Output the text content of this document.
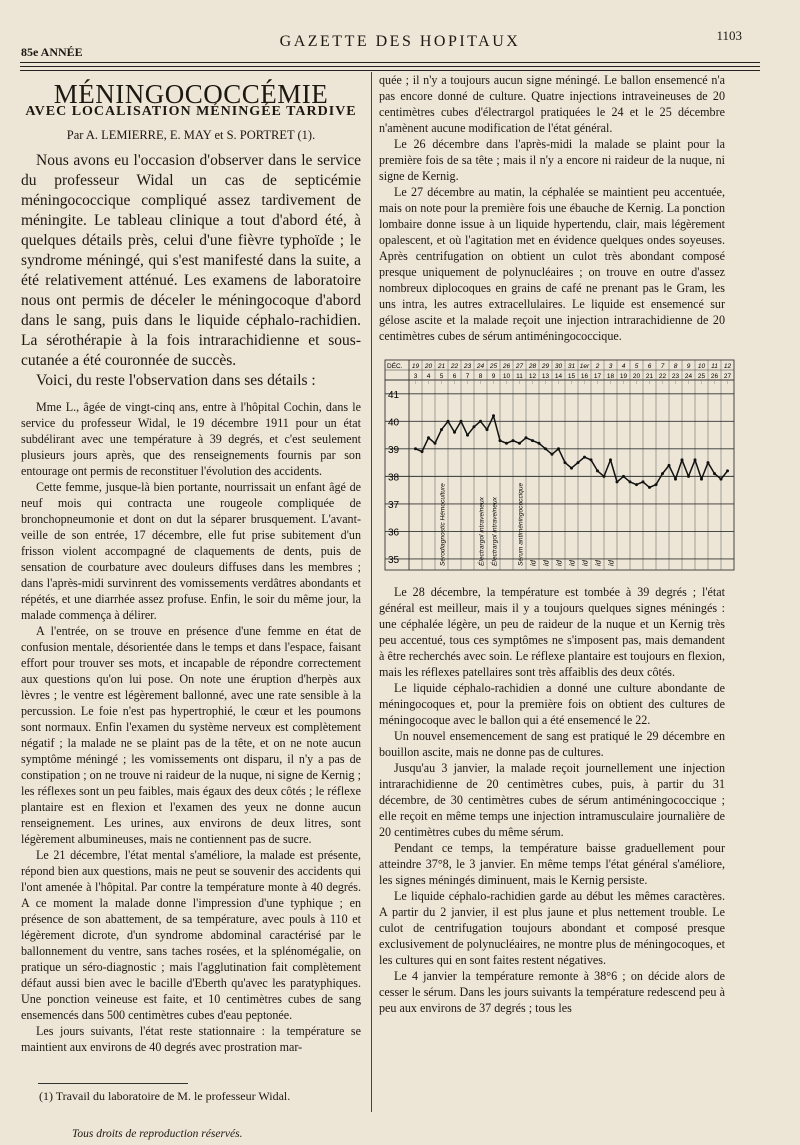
85e ANNÉE
GAZETTE DES HOPITAUX	1103
MÉNINGOCOCCÉMIE
AVEC LOCALISATION MÉNINGÉE TARDIVE
Par A. LEMIERRE, E. MAY et S. PORTRET (1).

Nous avons eu l'occasion d'observer dans le service du professeur Widal un cas de septicémie méningococcique compliqué assez tardivement de méningite. Le tableau clinique a tout d'abord été, à quelques détails près, celui d'une fièvre typhoïde ; le syndrome méningé, qui s'est manifesté dans la suite, a été relativement atténué. Les examens de laboratoire nous ont permis de déceler le méningocoque d'abord dans le sang, puis dans le liquide céphalo-rachidien. La sérothérapie à la fois intrarachidienne et sous-cutanée a été couronnée de succès.

Voici, du reste l'observation dans ses détails :

Mme L., âgée de vingt-cinq ans, entre à l'hôpital Cochin, dans le service du professeur Widal, le 19 décembre 1911 pour un état subdélirant avec une température à 39 degrés, et c'est seulement plusieurs jours après, que des renseignements fournis par son entourage ont permis de reconstituer l'évolution des accidents.

Cette femme, jusque-là bien portante, nourrissait un enfant âgé de neuf mois qui contracta une rougeole compliquée de bronchopneumonie et dont on dut la séparer brusquement. L'avant-veille de son entrée, 17 décembre, elle fut prise subitement d'un frisson violent accompagné de claquements de dents, puis de sensation de courbature avec douleurs diffuses dans les membres ; dans l'après-midi survinrent des vomissements verdâtres abondants et répétés, et une diarrhée assez profuse. Enfin, le soir du même jour, la malade commença à délirer.

A l'entrée, on se trouve en présence d'une femme en état de confusion mentale, désorientée dans le temps et dans l'espace, faisant effort pour trouver ses mots, et incapable de répondre correctement aux questions qu'on lui pose. On note une éruption d'herpès aux lèvres ; le ventre est légèrement ballonné, avec une rate sensible à la percussion. Le foie n'est pas hypertrophié, le cœur et les poumons sont normaux. Enfin l'examen du système nerveux est complètement négatif ; la malade ne se plaint pas de la tête, et on ne note aucun symptôme méningé ; les vomissements ont disparu, il n'y a pas de constipation ; on ne trouve ni raideur de la nuque, ni signe de Kernig ; les réflexes sont un peu faibles, mais égaux des deux côtés ; le réflexe plantaire est en flexion et l'examen des yeux ne donne aucun renseignement. Les urines, aux environs de deux litres, sont légèrement albumineuses, mais ne contiennent pas de sucre.

Le 21 décembre, l'état mental s'améliore, la malade est présente, répond bien aux questions, mais ne peut se souvenir des accidents qui l'ont amenée à l'hôpital. Par contre la température monte à 40 degrés. A ce moment la malade donne l'impression d'une typhique ; en présence de son abattement, de sa température, avec pouls à 110 et légèrement dicrote, d'un syndrome abdominal caractérisé par le ballonnement du ventre, sans taches rosées, et la splénomégalie, on pratique un séro-diagnostic ; mais l'agglutination fait complètement défaut aussi bien avec le bacille d'Eberth qu'avec les paratyphiques. Une ponction veineuse est faite, et 10 centimètres cubes de sang ensemencés dans 500 centimètres cubes d'eau peptonée.

Les jours suivants, l'état reste stationnaire : la température se maintient aux environs de 40 degrés avec prostration mar-

quée ; il n'y a toujours aucun signe méningé. Le ballon ensemencé n'a pas encore donné de culture. Quatre injections intraveineuses de 20 centimètres cubes d'électrargol pratiquées le 24 et le 25 décembre n'amènent aucune modification de l'état général.

Le 26 décembre dans l'après-midi la malade se plaint pour la première fois de sa tête ; mais il n'y a encore ni raideur de la nuque, ni signe de Kernig.

Le 27 décembre au matin, la céphalée se maintient peu accentuée, mais on note pour la première fois une ébauche de Kernig. La ponction lombaire donne issue à un liquide hypertendu, clair, mais légèrement opalescent, et où l'agitation met en évidence quelques ondes soyeuses. Après centrifugation on obtient un culot très abondant composé presque uniquement de polynucléaires ; on trouve en outre d'assez nombreux diplocoques en grains de café ne prenant pas le Gram, les uns intra, les autres extracellulaires. Le liquide est ensemencé sur gélose ascite et la malade reçoit une injection intrarachidienne de 20 centimètres cubes de sérum antiméningococcique.

DÉC. 19
3
20
4
21
5
22
6
23
7
24
8
25
9
26
10
27
11
28
12
29
13
30
14
31
15
1er
16
2
17
3
18
4
19
5
20
6
21
7
22
8
23
9
24
10
25
11
26
12
27
41
40
39
38
37
36
35	Sérodiagnostic Hémoculture	Électrargol intraveineux Électrargol intraveineux	Sérum antiméningococcique id id id id id id id

Le 28 décembre, la température est tombée à 39 degrés ; l'état général est meilleur, mais il y a toujours quelques signes méningés : une céphalée légère, un peu de raideur de la nuque et un Kernig très peu accentué, tous ces symptômes ne s'imposent pas, mais demandent à être recherchés avec soin. Le réflexe plantaire est toujours en flexion, mais les réflexes patellaires sont très affaiblis des deux côtés.

Le liquide céphalo-rachidien a donné une culture abondante de méningocoques et, pour la première fois on obtient des cultures de méningocoque avec le ballon qui a été ensemencé le 22.

Un nouvel ensemencement de sang est pratiqué le 29 décembre en bouillon ascite, mais ne donne pas de cultures.

Jusqu'au 3 janvier, la malade reçoit journellement une injection intrarachidienne de 20 centimètres cubes, puis, à partir du 31 décembre, de 30 centimètres cubes de sérum antiméningococcique ; elle reçoit en même temps une injection intramusculaire journalière de 20 centimètres cubes du même sérum.

Pendant ce temps, la température baisse graduellement pour atteindre 37°8, le 3 janvier. En même temps l'état général s'améliore, les signes méningés diminuent, mais le Kernig persiste.

Le liquide céphalo-rachidien garde au début les mêmes caractères. A partir du 2 janvier, il est plus jaune et plus nettement trouble. Le culot de centrifugation toujours abondant et composé presque exclusivement de polynucléaires, ne montre plus de méningocoques, et les cultures qui en sont faites restent négatives.

Le 4 janvier la température remonte à 38°6 ; on décide alors de cesser le sérum. Dans les jours suivants la température redescend peu à peu aux environs de 37 degrés ; tous les

(1) Travail du laboratoire de M. le professeur Widal.
Tous droits de reproduction réservés.
